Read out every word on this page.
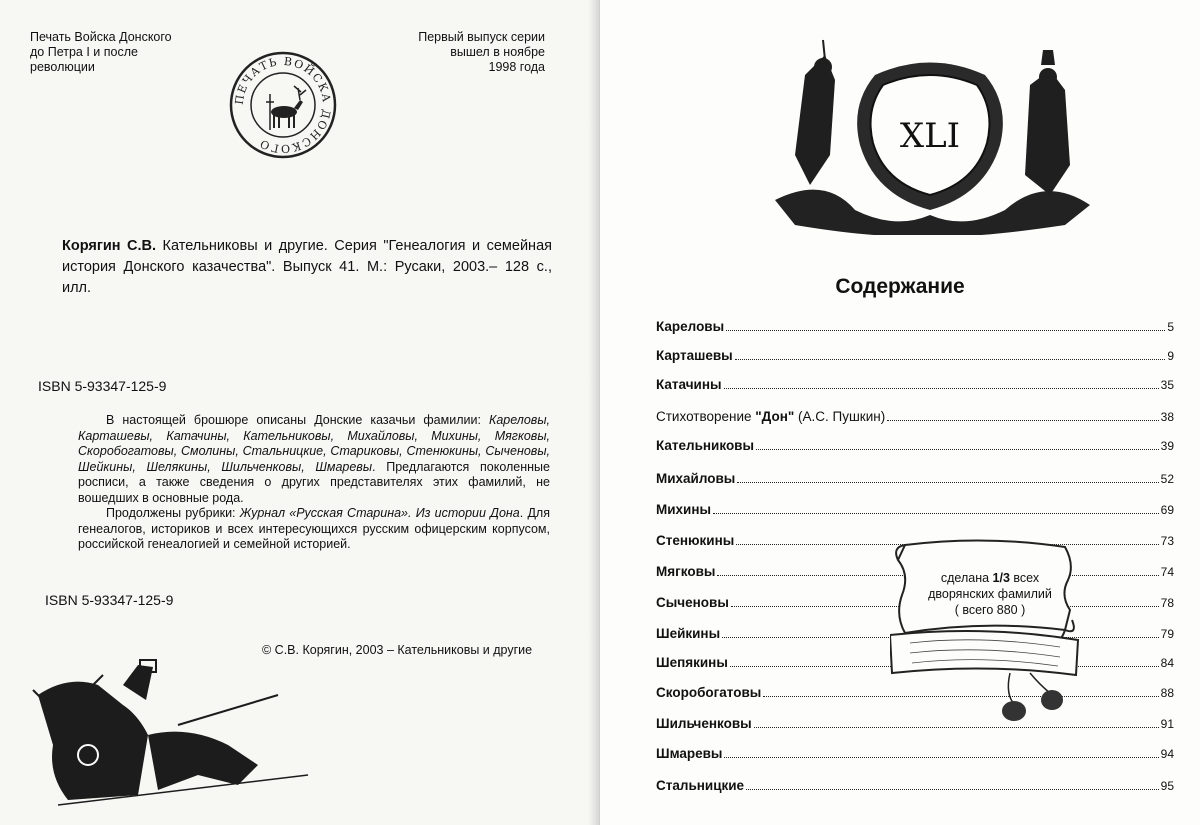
Печать Войска Донского
до Петра I и после
революции
Первый выпуск серии
вышел в ноябре
1998 года
ПЕЧАТЬ ВОЙСКА ДОНСКОГО
Корягин С.В. Кательниковы и другие. Серия "Генеалогия и семейная история Донского казачества". Выпуск 41. М.: Русаки, 2003.– 128 с., илл.
ISBN 5-93347-125-9

В настоящей брошюре описаны Донские казачьи фамилии: Кареловы, Карташевы, Катачины, Кательниковы, Михайловы, Михины, Мягковы, Скоробогатовы, Смолины, Стальницкие, Стариковы, Стенюкины, Сыченовы, Шейкины, Шелякины, Шильченковы, Шмаревы. Предлагаются поколенные росписи, а также сведения о других представителях этих фамилий, не вошедших в основные рода.

Продолжены рубрики: Журнал «Русская Старина». Из истории Дона. Для генеалогов, историков и всех интересующихся русским офицерским корпусом, российской генеалогией и семейной историей.

ISBN 5-93347-125-9
© С.В. Корягин, 2003 – Кательниковы и другие
XLI
Содержание
Кареловы	5
Карташевы	9
Катачины	35
Стихотворение "Дон" (А.С. Пушкин)	38
Кательниковы	39
Михайловы	52
Михины	69
Стенюкины	73
Мягковы	74
Сыченовы	78
Шейкины	79
Шепякины	84
Скоробогатовы	88
Шильченковы	91
Шмаревы	94
Стальницкие	95
сделана 1/3 всех
дворянских фамилий
( всего 880 )
